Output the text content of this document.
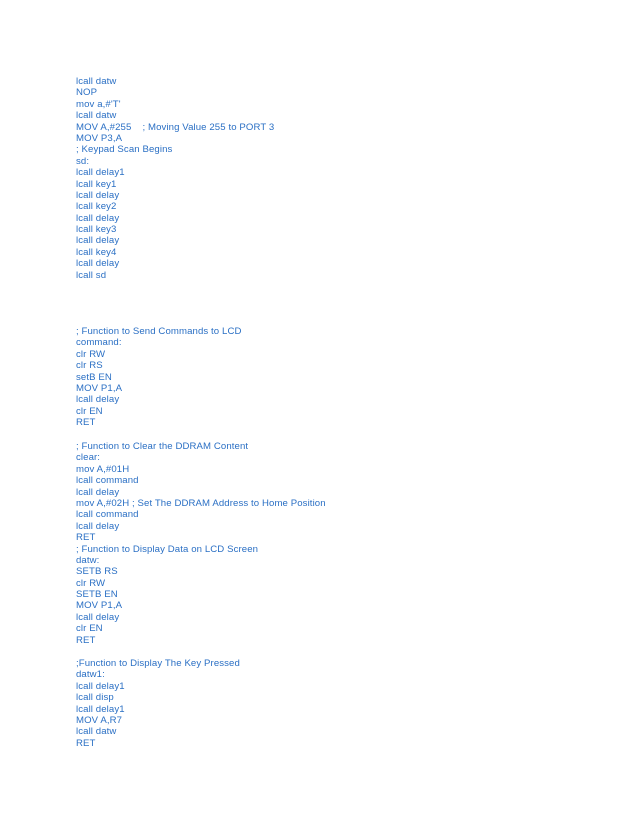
lcall datw
NOP
mov a,#'T'
lcall datw
MOV A,#255    ; Moving Value 255 to PORT 3
MOV P3,A
; Keypad Scan Begins
sd:
lcall delay1
lcall key1
lcall delay
lcall key2
lcall delay
lcall key3
lcall delay
lcall key4
lcall delay
lcall sd
; Function to Send Commands to LCD
command:
clr RW
clr RS
setB EN
MOV P1,A
lcall delay
clr EN
RET
; Function to Clear the DDRAM Content
clear:
mov A,#01H
lcall command
lcall delay
mov A,#02H ; Set The DDRAM Address to Home Position
lcall command
lcall delay
RET
; Function to Display Data on LCD Screen
datw:
SETB RS
clr RW
SETB EN
MOV P1,A
lcall delay
clr EN
RET
;Function to Display The Key Pressed
datw1:
lcall delay1
lcall disp
lcall delay1
MOV A,R7
lcall datw
RET
